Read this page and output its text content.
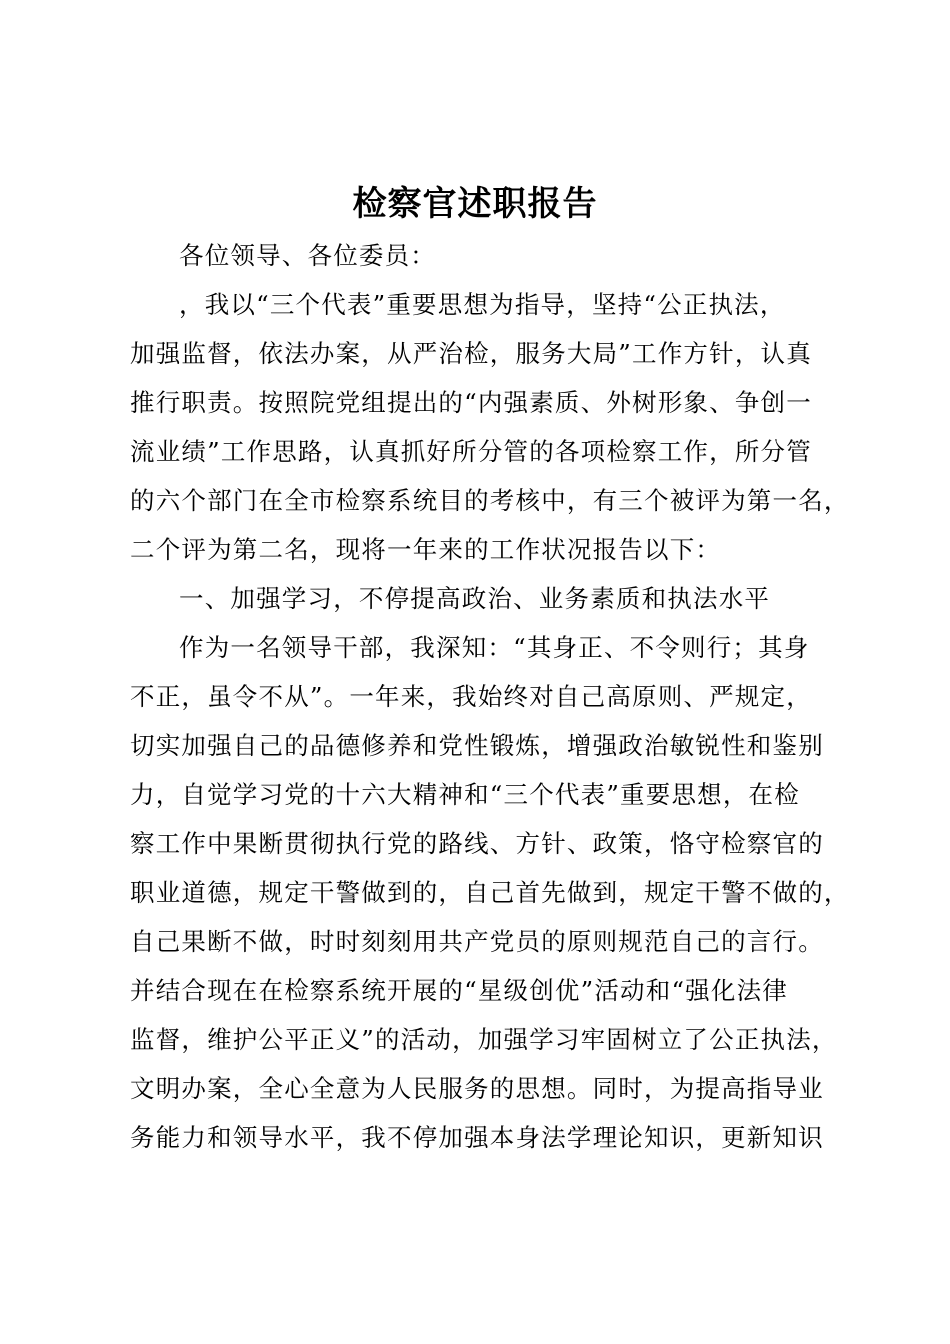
检察官述职报告
各位领导、各位委员：
，我以“三个代表”重要思想为指导，坚持“公正执法，
加强监督，依法办案，从严治检，服务大局”工作方针，认真
推行职责。按照院党组提出的“内强素质、外树形象、争创一
流业绩”工作思路，认真抓好所分管的各项检察工作，所分管
的六个部门在全市检察系统目的考核中，有三个被评为第一名，
二个评为第二名，现将一年来的工作状况报告以下：
一、加强学习，不停提高政治、业务素质和执法水平
作为一名领导干部，我深知：“其身正、不令则行；其身
不正，虽令不从”。一年来，我始终对自己高原则、严规定，
切实加强自己的品德修养和党性锻炼，增强政治敏锐性和鉴别
力，自觉学习党的十六大精神和“三个代表”重要思想，在检
察工作中果断贯彻执行党的路线、方针、政策，恪守检察官的
职业道德，规定干警做到的，自己首先做到，规定干警不做的，
自己果断不做，时时刻刻用共产党员的原则规范自己的言行。
并结合现在在检察系统开展的“星级创优”活动和“强化法律
监督，维护公平正义”的活动，加强学习牢固树立了公正执法，
文明办案，全心全意为人民服务的思想。同时，为提高指导业
务能力和领导水平，我不停加强本身法学理论知识，更新知识
